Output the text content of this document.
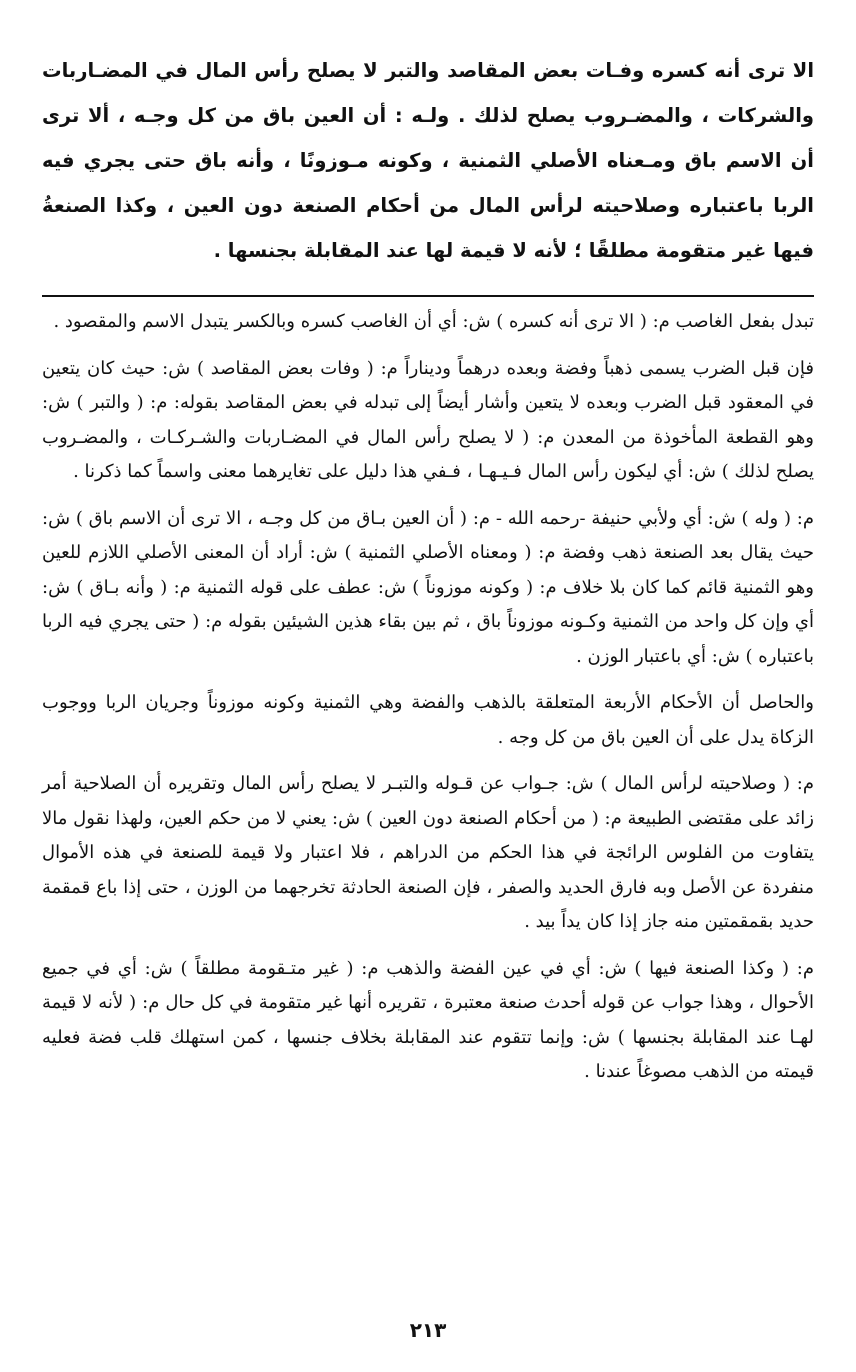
الا ترى أنه كسره وفـات بعض المقاصد والتبر لا يصلح رأس المال في المضـاربات والشركات ، والمضـروب يصلح لذلك . ولـه : أن العين باق من كل وجـه ، ألا ترى أن الاسم باق ومـعناه الأصلي الثمنية ، وكونه مـوزونًا ، وأنه باق حتى يجري فيه الربا باعتباره وصلاحيته لرأس المال من أحكام الصنعة دون العين ، وكذا الصنعةُ فيها غير متقومة مطلقًا ؛ لأنه لا قيمة لها عند المقابلة بجنسها .

تبدل بفعل الغاصب م: ( الا ترى أنه كسره ) ش: أي أن الغاصب كسره وبالكسر يتبدل الاسم والمقصود .

فإن قبل الضرب يسمى ذهباً وفضة وبعده درهماً وديناراً م: ( وفات بعض المقاصد ) ش: حيث كان يتعين في المعقود قبل الضرب وبعده لا يتعين وأشار أيضاً إلى تبدله في بعض المقاصد بقوله: م: ( والتبر ) ش: وهو القطعة المأخوذة من المعدن م: ( لا يصلح رأس المال في المضـاربات والشـركـات ، والمضـروب يصلح لذلك ) ش: أي ليكون رأس المال فـيـهـا ، فـفي هذا دليل على تغايرهما معنى واسماً كما ذكرنا .

م: ( وله ) ش: أي ولأبي حنيفة -رحمه الله - م: ( أن العين بـاق من كل وجـه ، الا ترى أن الاسم باق ) ش: حيث يقال بعد الصنعة ذهب وفضة م: ( ومعناه الأصلي الثمنية ) ش: أراد أن المعنى الأصلي اللازم للعين وهو الثمنية قائم كما كان بلا خلاف م: ( وكونه موزوناً ) ش: عطف على قوله الثمنية م: ( وأنه بـاق ) ش: أي وإن كل واحد من الثمنية وكـونه موزوناً باق ، ثم بين بقاء هذين الشيئين بقوله م: ( حتى يجري فيه الربا باعتباره ) ش: أي باعتبار الوزن .

والحاصل أن الأحكام الأربعة المتعلقة بالذهب والفضة وهي الثمنية وكونه موزوناً وجريان الربا ووجوب الزكاة يدل على أن العين باق من كل وجه .

م: ( وصلاحيته لرأس المال ) ش: جـواب عن قـوله والتبـر لا يصلح رأس المال وتقريره أن الصلاحية أمر زائد على مقتضى الطبيعة م: ( من أحكام الصنعة دون العين ) ش: يعني لا من حكم العين، ولهذا نقول مالا يتفاوت من الفلوس الرائجة في هذا الحكم من الدراهم ، فلا اعتبار ولا قيمة للصنعة في هذه الأموال منفردة عن الأصل وبه فارق الحديد والصفر ، فإن الصنعة الحادثة تخرجهما من الوزن ، حتى إذا باع قمقمة حديد بقمقمتين منه جاز إذا كان يداً بيد .

م: ( وكذا الصنعة فيها ) ش: أي في عين الفضة والذهب م: ( غير متـقومة مطلقاً ) ش: أي في جميع الأحوال ، وهذا جواب عن قوله أحدث صنعة معتبرة ، تقريره أنها غير متقومة في كل حال م: ( لأنه لا قيمة لهـا عند المقابلة بجنسها ) ش: وإنما تتقوم عند المقابلة بخلاف جنسها ، كمن استهلك قلب فضة فعليه قيمته من الذهب مصوغاً عندنا .

٢١٣
